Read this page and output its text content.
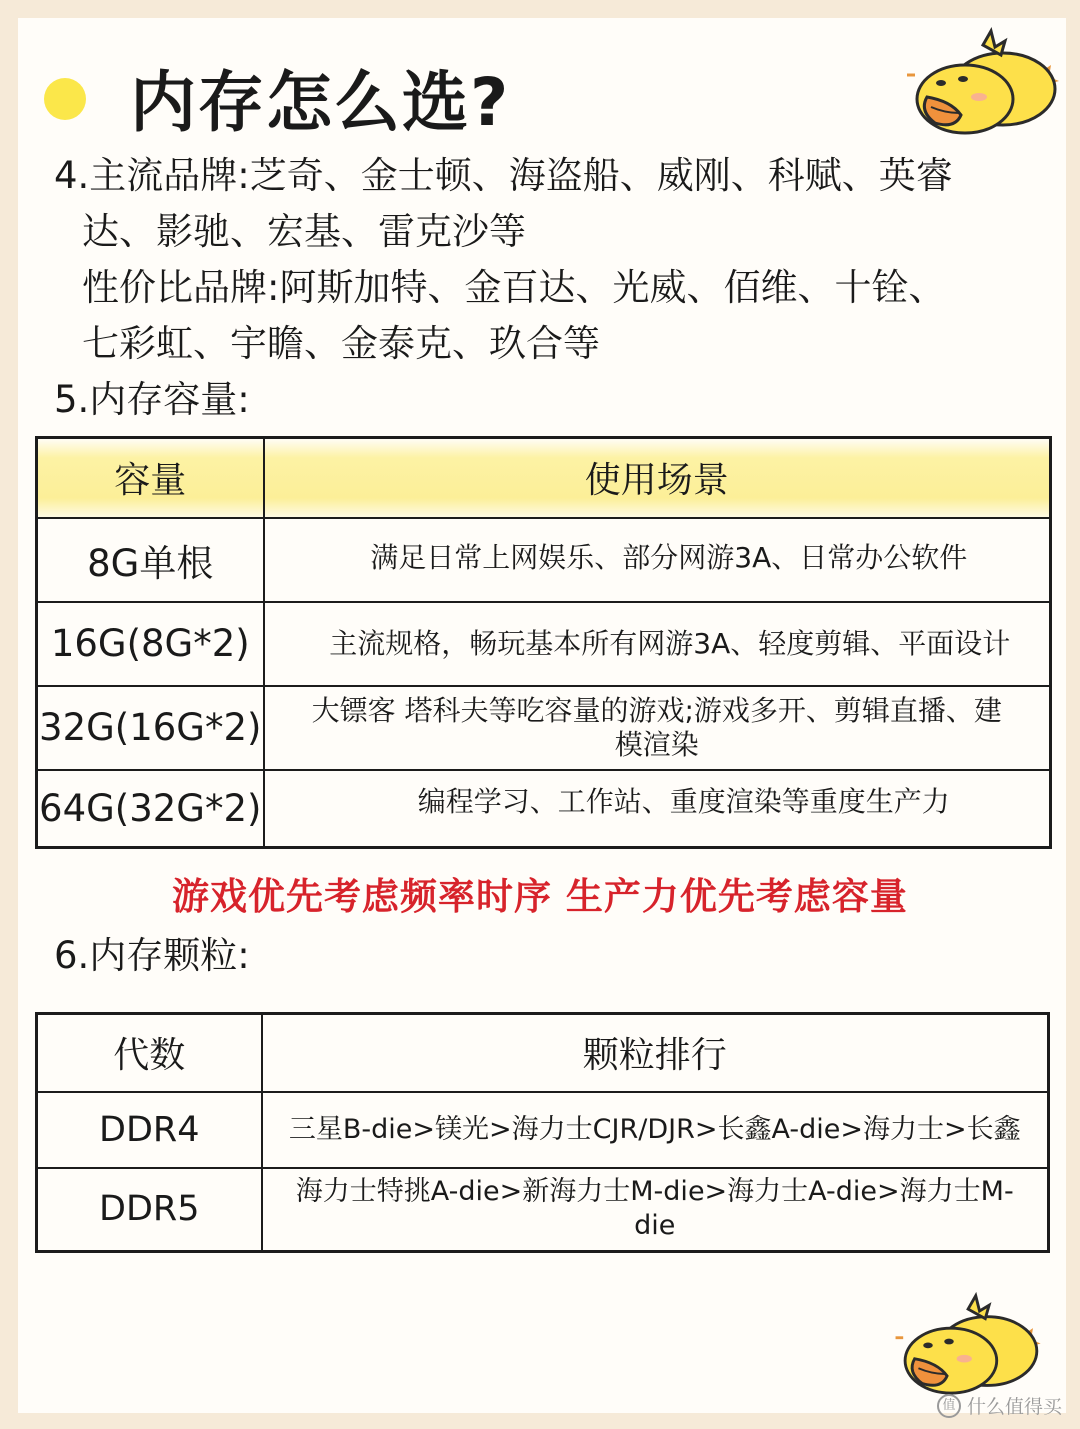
内存怎么选?

4.主流品牌:芝奇、金士顿、海盗船、威刚、科赋、英睿

达、影驰、宏基、雷克沙等

性价比品牌:阿斯加特、金百达、光威、佰维、十铨、

七彩虹、宇瞻、金泰克、玖合等

5.内存容量:

容量	使用场景
8G单根	满足日常上网娱乐、部分网游3A、日常办公软件
16G(8G*2)	主流规格，畅玩基本所有网游3A、轻度剪辑、平面设计
32G(16G*2)	大镖客 塔科夫等吃容量的游戏;游戏多开、剪辑直播、建
模渲染

64G(32G*2)	编程学习、工作站、重度渲染等重度生产力

游戏优先考虑频率时序 生产力优先考虑容量

6.内存颗粒:

代数	颗粒排行
DDR4	三星B-die>镁光>海力士CJR/DJR>长鑫A-die>海力士>长鑫
DDR5	海力士特挑A-die>新海力士M-die>海力士A-die>海力士M-
die
值 什么值得买
